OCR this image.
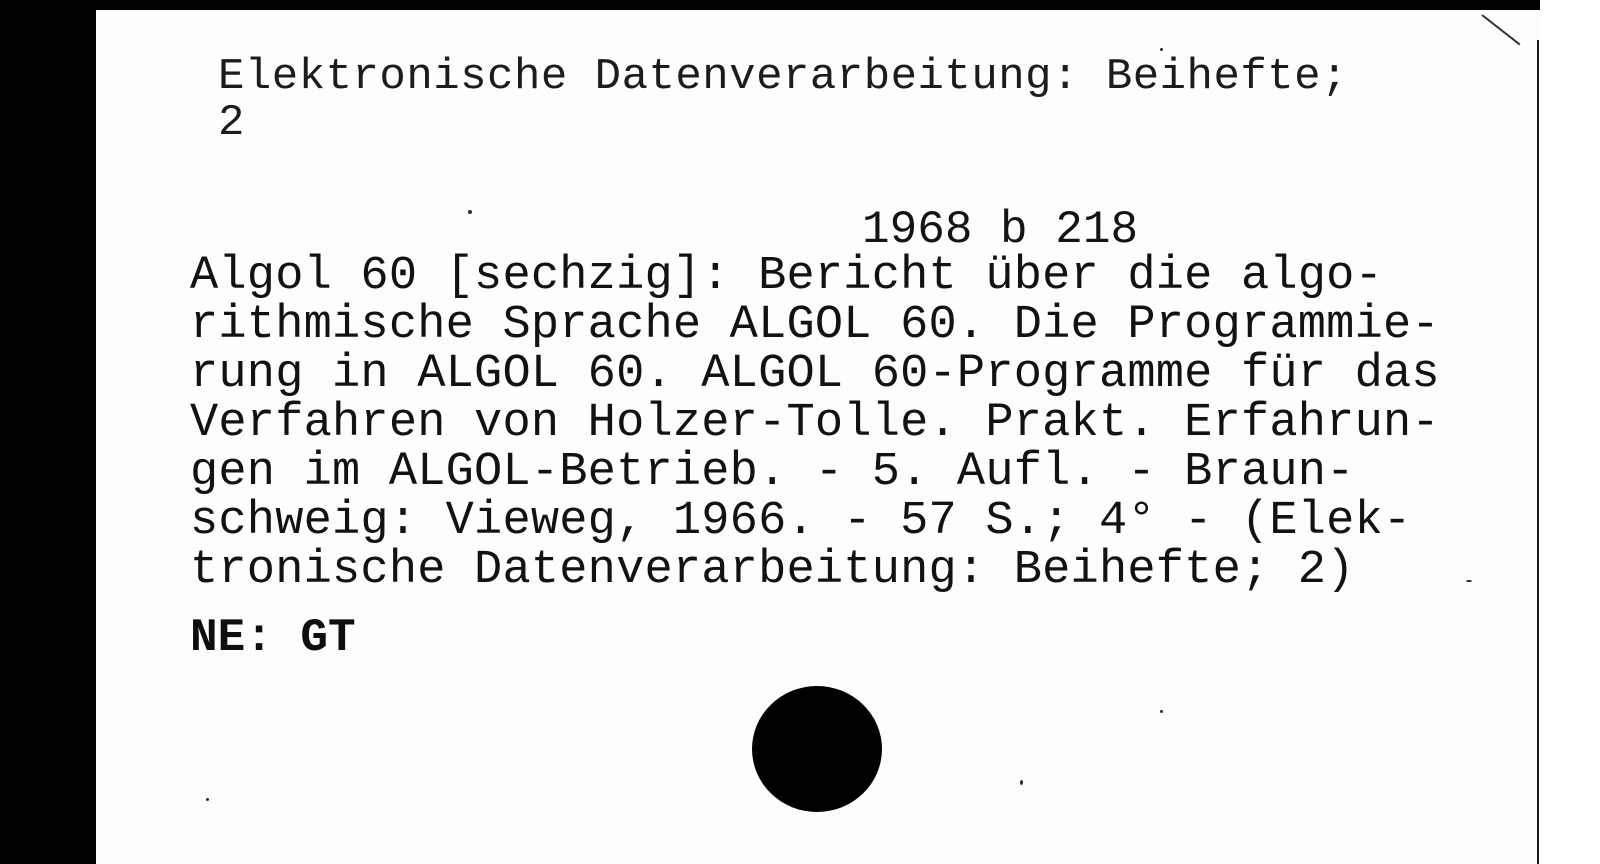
Elektronische Datenverarbeitung: Beihefte;
2
1968 b 218
Algol 60 [sechzig]: Bericht über die algo-
rithmische Sprache ALGOL 60. Die Programmie-
rung in ALGOL 60. ALGOL 60-Programme für das
Verfahren von Holzer-Tolle. Prakt. Erfahrun-
gen im ALGOL-Betrieb. - 5. Aufl. - Braun-
schweig: Vieweg, 1966. - 57 S.; 4° - (Elek-
tronische Datenverarbeitung: Beihefte; 2)
NE: GT
